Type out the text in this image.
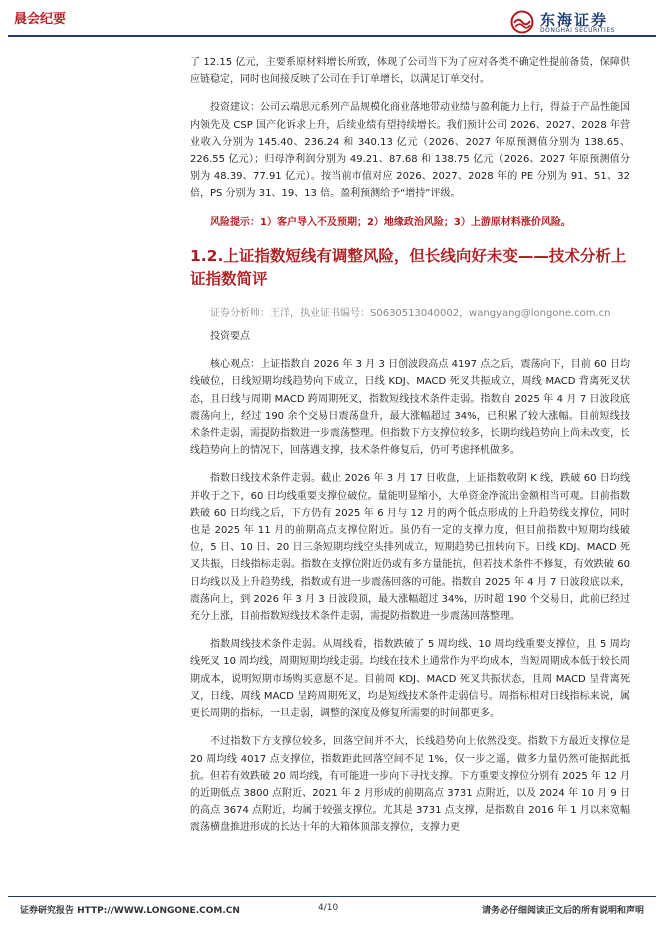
晨会纪要	东海证券
DONGHAI SECURITIES

了 12.15 亿元，主要系原材料增长所致，体现了公司当下为了应对各类不确定性提前备货，保障供应链稳定，同时也间接反映了公司在手订单增长，以满足订单交付。

投资建议：公司云端思元系列产品规模化商业落地带动业绩与盈利能力上行，得益于产品性能国内领先及 CSP 国产化诉求上升，后续业绩有望持续增长。我们预计公司 2026、2027、2028 年营业收入分别为 145.40、236.24 和 340.13 亿元（2026、2027 年原预测值分别为 138.65、226.55 亿元）；归母净利润分别为 49.21、87.68 和 138.75 亿元（2026、2027 年原预测值分别为 48.39、77.91 亿元）。按当前市值对应 2026、2027、2028 年的 PE 分别为 91、51、32 倍，PS 分别为 31、19、13 倍。盈利预测给予“增持”评级。

风险提示：1）客户导入不及预期；2）地缘政治风险；3）上游原材料涨价风险。

1.2.上证指数短线有调整风险，但长线向好未变——技术分析上证指数简评

证券分析师：王洋，执业证书编号：S0630513040002，wangyang@longone.com.cn

投资要点

核心观点：上证指数自 2026 年 3 月 3 日创波段高点 4197 点之后，震荡向下，目前 60 日均线破位，日线短期均线趋势向下成立，日线 KDJ、MACD 死叉共振成立，周线 MACD 背离死叉状态，且日线与周期 MACD 跨周期死叉，指数短线技术条件走弱。指数自 2025 年 4 月 7 日波段底震荡向上，经过 190 余个交易日震荡盘升，最大涨幅超过 34%，已积累了较大涨幅。目前短线技术条件走弱，需提防指数进一步震荡整理。但指数下方支撑位较多，长期均线趋势向上尚未改变，长线趋势向上的情况下，回落遇支撑，技术条件修复后，仍可考虑择机做多。

指数日线技术条件走弱。截止 2026 年 3 月 17 日收盘，上证指数收阴 K 线，跌破 60 日均线并收于之下，60 日均线重要支撑位破位。量能明显缩小，大单资金净流出金额相当可观。目前指数跌破 60 日均线之后，下方仍有 2025 年 6 月与 12 月的两个低点形成的上升趋势线支撑位，同时也是 2025 年 11 月的前期高点支撑位附近。虽仍有一定的支撑力度，但目前指数中短期均线破位，5 日、10 日、20 日三条短期均线空头排列成立，短期趋势已扭转向下。日线 KDJ、MACD 死叉共振，日线指标走弱。指数在支撑位附近仍或有多方量能抗，但若技术条件不修复，有效跌破 60 日均线以及上升趋势线，指数或有进一步震荡回落的可能。指数自 2025 年 4 月 7 日波段底以来，震荡向上，到 2026 年 3 月 3 日波段顶，最大涨幅超过 34%，历时超 190 个交易日，此前已经过充分上涨，目前指数短线技术条件走弱，需提防指数进一步震荡回落整理。

指数周线技术条件走弱。从周线看，指数跌破了 5 周均线、10 周均线重要支撑位，且 5 周均线死叉 10 周均线，周期短期均线走弱。均线在技术上通常作为平均成本，当短周期成本低于较长周期成本，说明短期市场购买意愿不足。目前周 KDJ、MACD 死叉共振状态，且周 MACD 呈背离死叉，日线、周线 MACD 呈跨周期死叉，均是短线技术条件走弱信号。周指标相对日线指标来说，属更长周期的指标，一旦走弱，调整的深度及修复所需要的时间都更多。

不过指数下方支撑位较多，回落空间并不大，长线趋势向上依然没变。指数下方最近支撑位是 20 周均线 4017 点支撑位，指数距此回落空间不足 1%，仅一步之遥，做多力量仍然可能据此抵抗。但若有效跌破 20 周均线，有可能进一步向下寻找支撑。下方重要支撑位分别有 2025 年 12 月的近期低点 3800 点附近、2021 年 2 月形成的前期高点 3731 点附近，以及 2024 年 10 月 9 日的高点 3674 点附近，均属于较强支撑位。尤其是 3731 点支撑，是指数自 2016 年 1 月以来宽幅震荡横盘推进形成的长达十年的大箱体顶部支撑位，支撑力更

证券研究报告 HTTP://WWW.LONGONE.COM.CN	4/10	请务必仔细阅读正文后的所有说明和声明
